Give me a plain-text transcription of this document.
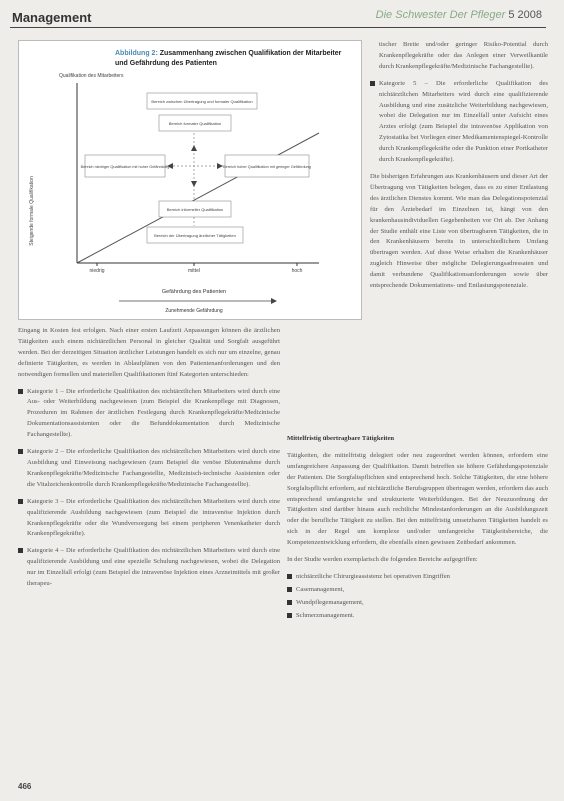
Management	Die Schwester Der Pfleger 5 2008
niedrig	mittel	hoch
Qualifikation des Mitarbeiters
Steigende formale Qualifikation
Gefährdung des Patienten
Zunehmende Gefährdung
Bereich zwischen Übertragung und formaler Qualifikation
Bereich formaler Qualifikation
Bereich niedriger Qualifikation mit hoher Gefährdung	Bereich hoher Qualifikation mit geringer Gefährdung
Bereich informeller Qualifikation
Bereich der Übertragung ärztlicher Tätigkeiten
Abbildung 2: Zusammenhang zwischen Qualifikation der Mitarbeiter und Gefährdung des Patienten

tischer Breite und/oder geringer Risiko-Potential durch Krankenpflegekräfte oder das Anlegen einer Verweilkanüle durch Krankenpflegekräfte/Medizinische Fachangestellte).

Kategorie 5 – Die erforderliche Qualifikation des nichtärztlichen Mitarbeiters wird durch eine qualifizierende Ausbildung und eine zusätzliche Weiterbildung nachgewiesen, wobei die Delegation nur im Einzelfall unter Aufsicht eines Arztes erfolgt (zum Beispiel die intravenöse Applikation von Zytostatika bei Vorliegen einer Medikamentenspiegel-Kontrolle durch Krankenpflegekräfte oder die Punktion einer Portkatheter durch Krankenpflegekräfte).

Die bisherigen Erfahrungen aus Krankenhäusern und dieser Art der Übertragung von Tätigkeiten belegen, dass es zu einer Entlastung des ärztlichen Dienstes kommt. Wie man das Delegationspotenzial für den Ärztebedarf im Einzelnen ist, hängt von den krankenhausindividuellen Gegebenheiten vor Ort ab. Der Anhang der Studie enthält eine Liste von übertragbaren Tätigkeiten, die in den Krankenhäusern bereits in unterschiedlichem Umfang übertragen werden. Auf diese Weise erhalten die Krankenhäuser zugleich Hinweise über mögliche Delegierungsadressaten und damit verbundene Qualifikationsanforderungen sowie über entsprechende Dokumentations- und Entlastungspotenziale.

Eingang in Kosten fest erfolgen. Nach einer ersten Laufzeit Anpassungen können die ärztlichen Tätigkeiten auch einem nichtärztlichen Personal in gleicher Qualität und Sorgfalt ausgeführt werden. Bei der derzeitigen Situation ärztlicher Leistungen handelt es sich nur um einzelne, genau definierte Tätigkeiten, es werden in Ablaufplänen von den Patientenanforderungen und den notwendigen formellen und materiellen Qualifikationen fünf Kategorien unterschieden:

Kategorie 1 – Die erforderliche Qualifikation des nichtärztlichen Mitarbeiters wird durch eine Aus- oder Weiterbildung nachgewiesen (zum Beispiel die Krankenpflege mit Diagnosen, Prozeduren im Rahmen der ärztlichen Festlegung durch Krankenpflegekräfte/Medizinische Dokumentationsassistenten oder die Befunddokumentation durch Medizinische Fachangestellte).
Kategorie 2 – Die erforderliche Qualifikation des nichtärztlichen Mitarbeiters wird durch eine Ausbildung und Einweisung nachgewiesen (zum Beispiel die venöse Blutentnahme durch Krankenpflegekräfte/Medizinische Fachangestellte, Medizinisch-technische Assistenten oder die Vitalzeichenkontrolle durch Krankenpflegekräfte/Medizinische Fachangestellte).
Kategorie 3 – Die erforderliche Qualifikation des nichtärztlichen Mitarbeiters wird durch eine qualifizierende Ausbildung nachgewiesen (zum Beispiel die intravenöse Injektion durch Krankenpflegekräfte oder die Wundversorgung bei einem peripheren Venenkatheter durch Krankenpflegekräfte).
Kategorie 4 – Die erforderliche Qualifikation des nichtärztlichen Mitarbeiters wird durch eine qualifizierende Ausbildung und eine spezielle Schulung nachgewiesen, wobei die Delegation nur im Einzelfall erfolgt (zum Beispiel die intravenöse Injektion eines Arzneimittels mit großer therapeu-
Mittelfristig übertragbare Tätigkeiten

Tätigkeiten, die mittelfristig delegiert oder neu zugeordnet werden können, erfordern eine umfangreichere Anpassung der Qualifikation. Damit betreffen sie höhere Gefährdungspotenziale der Patienten. Die Sorgfaltspflichten sind entsprechend hoch. Solche Tätigkeiten, die eine höhere Sorgfaltspflicht erfordern, auf nichtärztliche Berufsgruppen übertragen werden, erfordern das auch entsprechend umfangreiche und strukturierte Weiterbildungen. Bei der Neuzuordnung der Tätigkeiten sind darüber hinaus auch rechtliche Mindestanforderungen an die Ausbildungszeit oder die berufliche Tätigkeit zu stellen. Bei den mittelfristig umsetzbaren Tätigkeiten handelt es sich in der Regel um komplexe und/oder umfangreiche Tätigkeitsbereiche, die Kompetenzentwicklung erfordern, die ebenfalls einen gewissen Zeitbedarf ankommen.

In der Studie werden exemplarisch die folgenden Bereiche aufgegriffen:

nichtärztliche Chirurgieassistenz bei operativen Eingriffen
Casemanagement,
Wundpflegemanagement,
Schmerzmanagement.
466
